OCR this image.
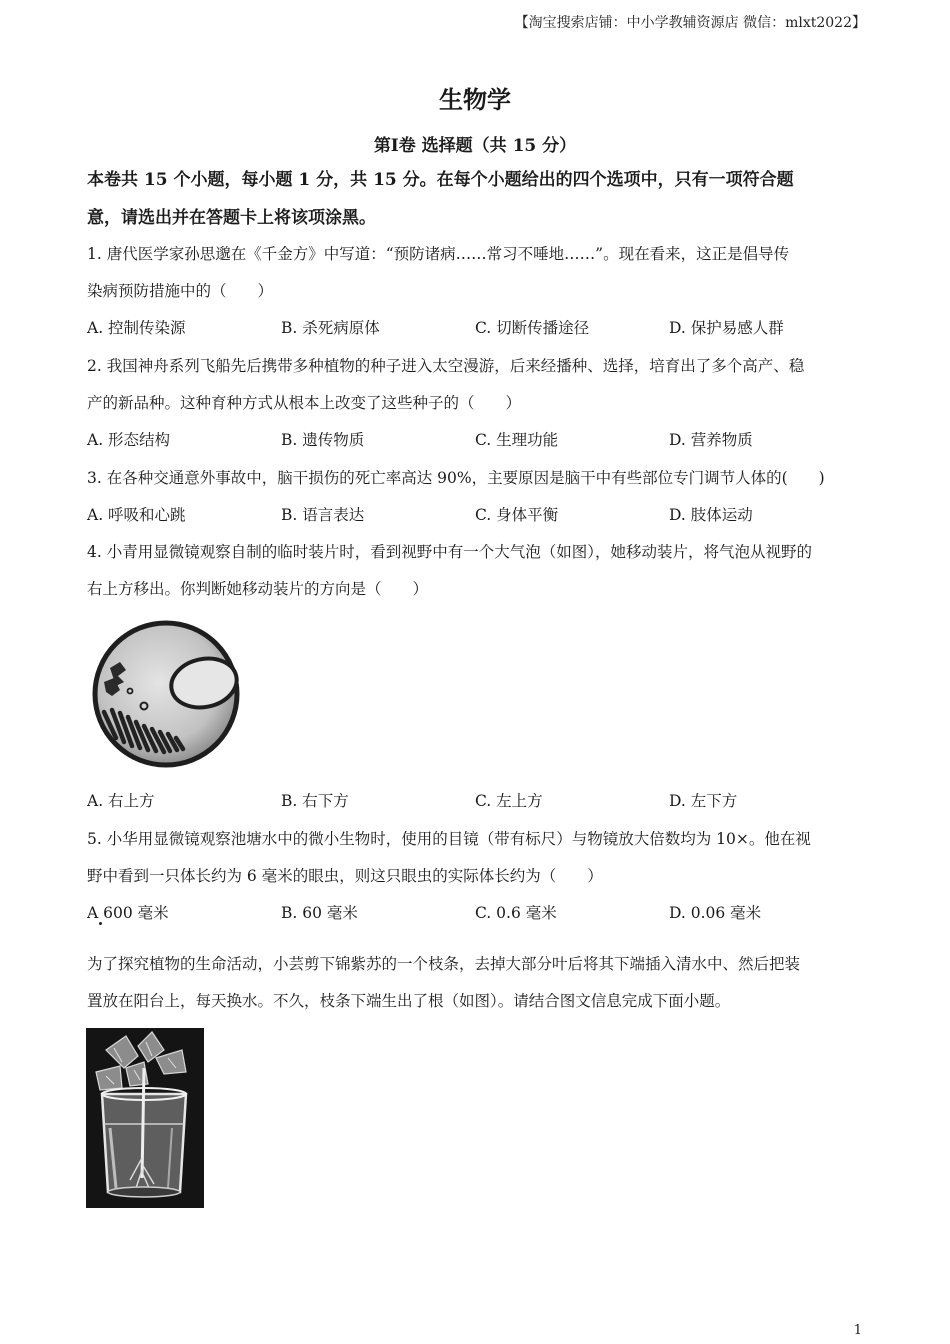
【淘宝搜索店铺：中小学教辅资源店 微信：mlxt2022】
生物学
第Ⅰ卷 选择题（共 15 分）
本卷共 15 个小题，每小题 1 分，共 15 分。在每个小题给出的四个选项中，只有一项符合题
意，请选出并在答题卡上将该项涂黑。
1. 唐代医学家孙思邈在《千金方》中写道：“预防诸病……常习不唾地……”。现在看来，这正是倡导传
染病预防措施中的（　　）
A. 控制传染源	B. 杀死病原体	C. 切断传播途径	D. 保护易感人群
2. 我国神舟系列飞船先后携带多种植物的种子进入太空漫游，后来经播种、选择，培育出了多个高产、稳
产的新品种。这种育种方式从根本上改变了这些种子的（　　）
A. 形态结构	B. 遗传物质	C. 生理功能	D. 营养物质
3. 在各种交通意外事故中，脑干损伤的死亡率高达 90%，主要原因是脑干中有些部位专门调节人体的(　　)
A. 呼吸和心跳	B. 语言表达	C. 身体平衡	D. 肢体运动
4. 小青用显微镜观察自制的临时装片时，看到视野中有一个大气泡（如图），她移动装片，将气泡从视野的
右上方移出。你判断她移动装片的方向是（　　）
A. 右上方	B. 右下方	C. 左上方	D. 左下方
5. 小华用显微镜观察池塘水中的微小生物时，使用的目镜（带有标尺）与物镜放大倍数均为 10×。他在视
野中看到一只体长约为 6 毫米的眼虫，则这只眼虫的实际体长约为（　　）
A 600 毫米	B. 60 毫米	C. 0.6 毫米	D. 0.06 毫米
为了探究植物的生命活动，小芸剪下锦紫苏的一个枝条，去掉大部分叶后将其下端插入清水中、然后把装
置放在阳台上，每天换水。不久，枝条下端生出了根（如图）。请结合图文信息完成下面小题。
1
